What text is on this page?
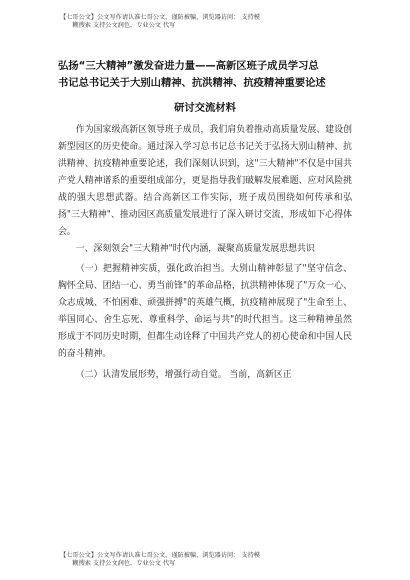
【七哥公文】公文写作请认准七哥公文，谨防被骗，浏览器访问： 支持模
糊搜索 支持公文润色，专业公文 代写
弘扬“三大精神”激发奋进力量——高新区班子成员学习总
书记总书记关于大别山精神、抗洪精神、抗疫精神重要论述
研讨交流材料

作为国家级高新区领导班子成员，我们肩负着推动高质量发展、建设创新型园区的历史使命。通过深入学习总书记总书记关于弘扬大别山精神、抗洪精神、抗疫精神重要论述，我们深刻认识到，这"三大精神"不仅是中国共产党人精神谱系的重要组成部分，更是指导我们破解发展难题、应对风险挑战的强大思想武器。结合高新区工作实际，班子成员围绕如何传承和弘扬"三大精神"、推动园区高质量发展进行了深入研讨交流，形成如下心得体会。

一、深刻领会"三大精神"时代内涵，凝聚高质量发展思想共识

（一）把握精神实质，强化政治担当。大别山精神彰显了"坚守信念、胸怀全局、团结一心、勇当前锋"的革命品格，抗洪精神体现了"万众一心、众志成城、不怕困难、顽强拼搏"的英雄气概，抗疫精神展现了"生命至上、举国同心、舍生忘死、尊重科学、命运与共"的时代担当。这三种精神虽然形成于不同历史时期，但都生动诠释了中国共产党人的初心使命和中国人民的奋斗精神。

（二）认清发展形势，增强行动自觉。 当前，高新区正

【七哥公文】公文写作请认准七哥公文，谨防被骗，浏览器访问： 支持模
糊搜索 支持公文润色，专业公文 代写
